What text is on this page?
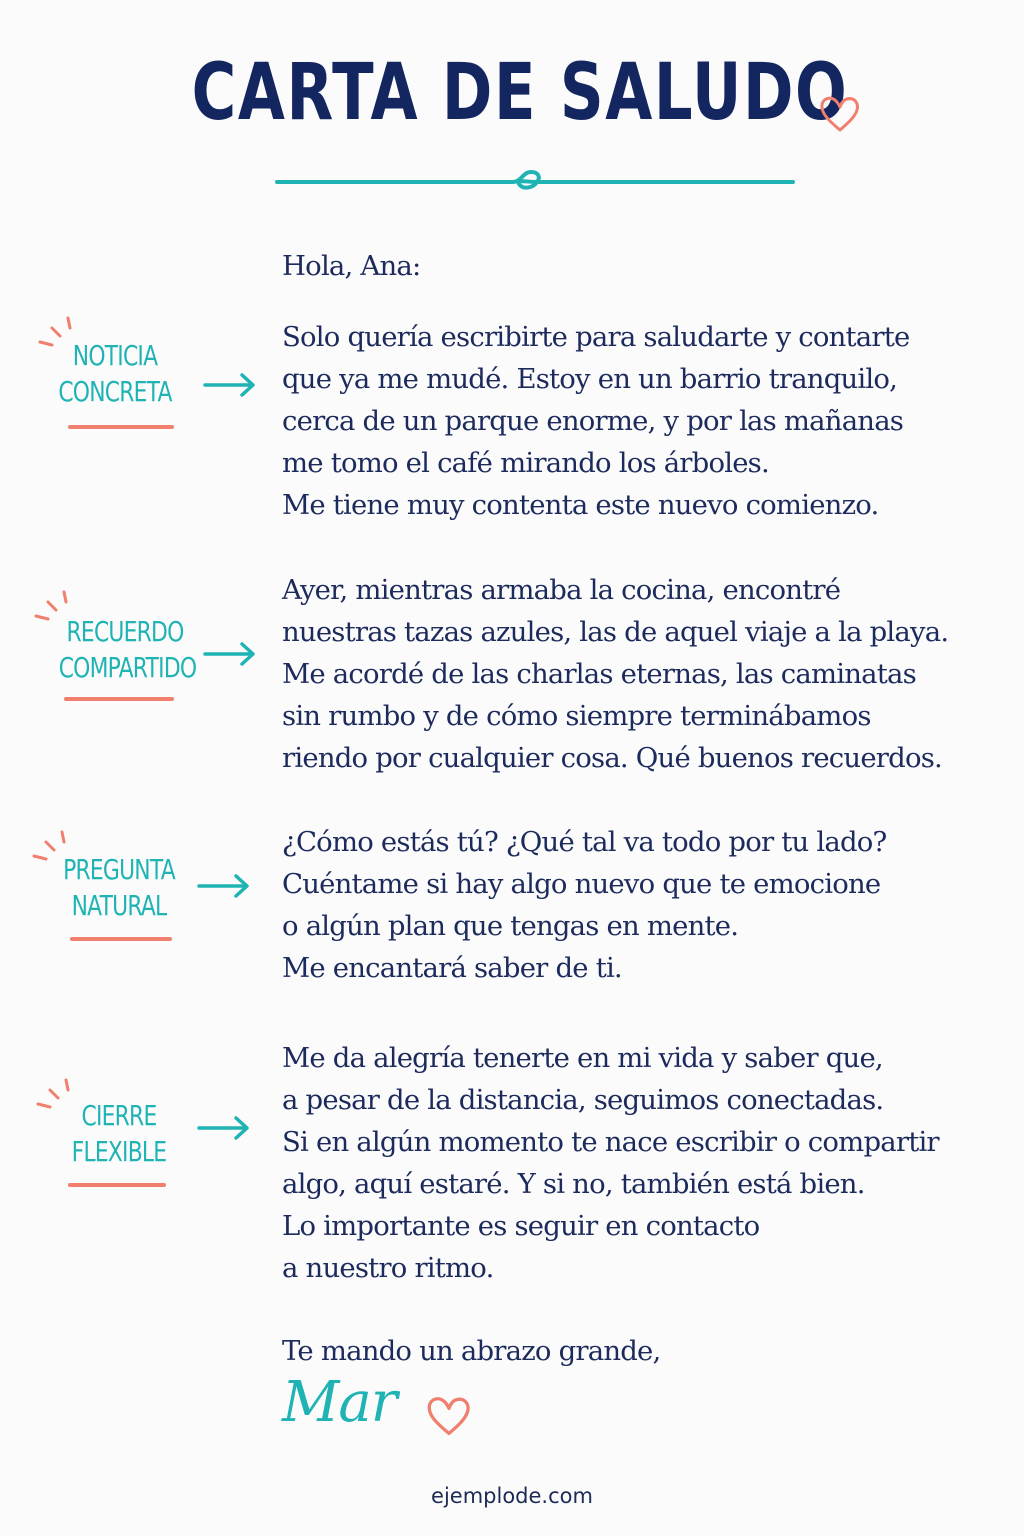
CARTA DE SALUDO

Hola, Ana:

Solo quería escribirte para saludarte y contarte
que ya me mudé. Estoy en un barrio tranquilo,
cerca de un parque enorme, y por las mañanas
me tomo el café mirando los árboles.
Me tiene muy contenta este nuevo comienzo.
Ayer, mientras armaba la cocina, encontré
nuestras tazas azules, las de aquel viaje a la playa.
Me acordé de las charlas eternas, las caminatas
sin rumbo y de cómo siempre terminábamos
riendo por cualquier cosa. Qué buenos recuerdos.
¿Cómo estás tú? ¿Qué tal va todo por tu lado?
Cuéntame si hay algo nuevo que te emocione
o algún plan que tengas en mente.
Me encantará saber de ti.
Me da alegría tenerte en mi vida y saber que,
a pesar de la distancia, seguimos conectadas.
Si en algún momento te nace escribir o compartir
algo, aquí estaré. Y si no, también está bien.
Lo importante es seguir en contacto
a nuestro ritmo.
NOTICIA
CONCRETA
RECUERDO
COMPARTIDO
PREGUNTA
NATURAL
CIERRE
FLEXIBLE

Te mando un abrazo grande,

Mar
ejemplode.com
